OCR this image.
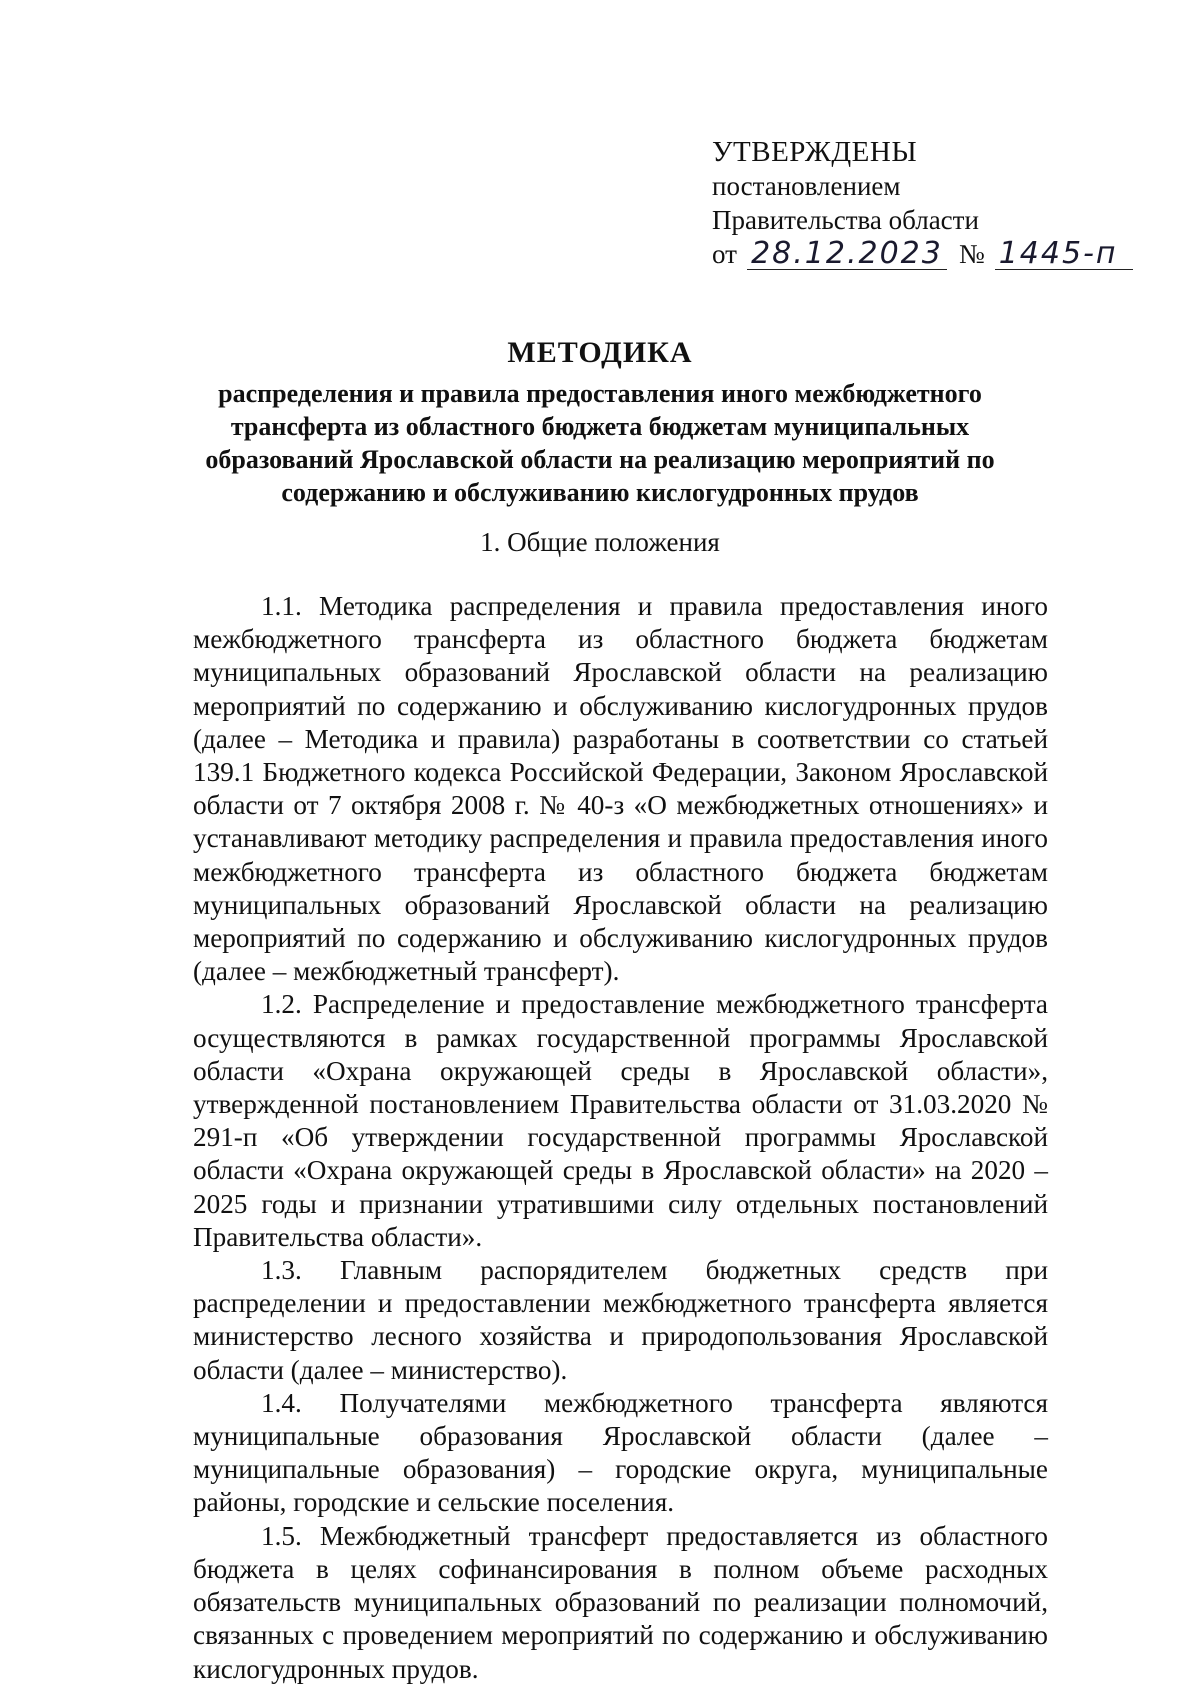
УТВЕРЖДЕНЫ
постановлением
Правительства области
от 28.12.2023 № 1445-п
МЕТОДИКА
распределения и правила предоставления иного межбюджетного трансферта из областного бюджета бюджетам муниципальных образований Ярославской области на реализацию мероприятий по содержанию и обслуживанию кислогудронных прудов
1. Общие положения

1.1. Методика распределения и правила предоставления иного межбюджетного трансферта из областного бюджета бюджетам муниципальных образований Ярославской области на реализацию мероприятий по содержанию и обслуживанию кислогудронных прудов (далее – Методика и правила) разработаны в соответствии со статьей 139.1 Бюджетного кодекса Российской Федерации, Законом Ярославской области от 7 октября 2008 г. № 40-з «О межбюджетных отношениях» и устанавливают методику распределения и правила предоставления иного межбюджетного трансферта из областного бюджета бюджетам муниципальных образований Ярославской области на реализацию мероприятий по содержанию и обслуживанию кислогудронных прудов (далее – межбюджетный трансферт).

1.2. Распределение и предоставление межбюджетного трансферта осуществляются в рамках государственной программы Ярославской области «Охрана окружающей среды в Ярославской области», утвержденной постановлением Правительства области от 31.03.2020 № 291-п «Об утверждении государственной программы Ярославской области «Охрана окружающей среды в Ярославской области» на 2020 – 2025 годы и признании утратившими силу отдельных постановлений Правительства области».

1.3. Главным распорядителем бюджетных средств при распределении и предоставлении межбюджетного трансферта является министерство лесного хозяйства и природопользования Ярославской области (далее – министерство).

1.4. Получателями межбюджетного трансферта являются муниципальные образования Ярославской области (далее – муниципальные образования) – городские округа, муниципальные районы, городские и сельские поселения.

1.5. Межбюджетный трансферт предоставляется из областного бюджета в целях софинансирования в полном объеме расходных обязательств муниципальных образований по реализации полномочий, связанных с проведением мероприятий по содержанию и обслуживанию кислогудронных прудов.
